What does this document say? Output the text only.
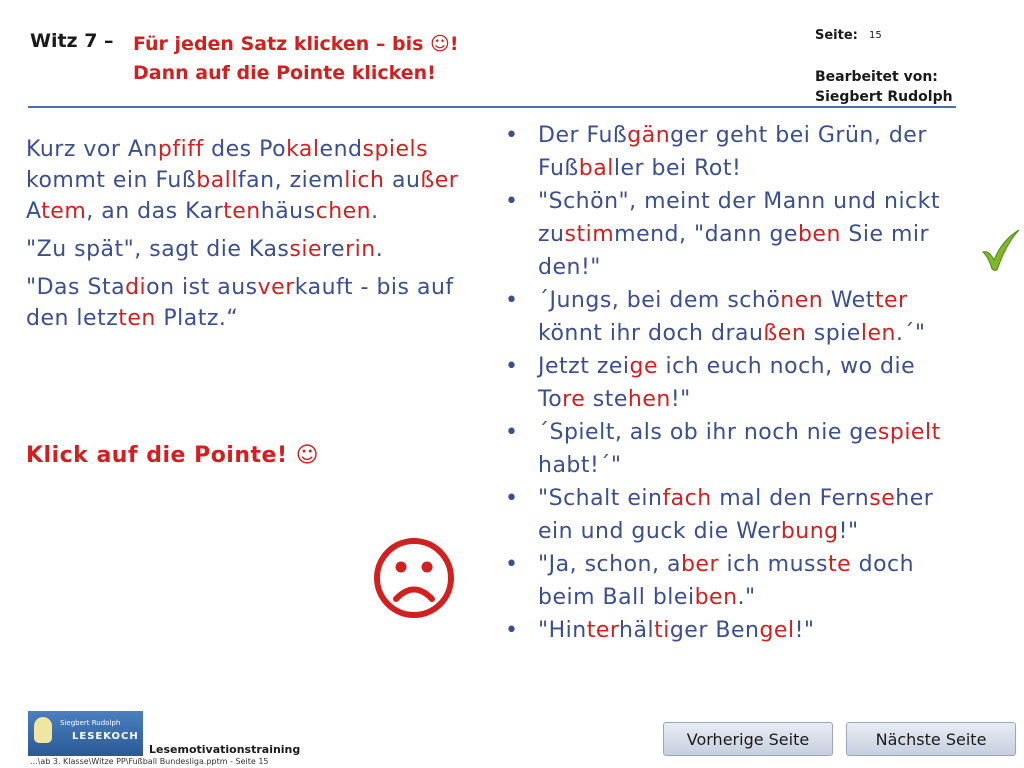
Witz 7 – Für jeden Satz klicken – bis ☺!
Dann auf die Pointe klicken!
Seite: 15
Bearbeitet von:
Siegbert Rudolph

Kurz vor Anpfiff des Pokalendspiels kommt ein Fußballfan, ziemlich außer Atem, an das Kartenhäuschen.

"Zu spät", sagt die Kassiererin.

"Das Stadion ist ausverkauft - bis auf den letzten Platz.“

Klick auf die Pointe! ☺
• Der Fußgänger geht bei Grün, der Fußballer bei Rot!
• "Schön", meint der Mann und nickt zustimmend, "dann geben Sie mir den!"
• ´Jungs, bei dem schönen Wetter könnt ihr doch draußen spielen.´"
• Jetzt zeige ich euch noch, wo die Tore stehen!"
• ´Spielt, als ob ihr noch nie gespielt habt!´"
• "Schalt einfach mal den Fernseher ein und guck die Werbung!"
• "Ja, schon, aber ich musste doch beim Ball bleiben."
• "Hinterhältiger Bengel!"
Siegbert Rudolph
LESEKOCH
Lesemotivationstraining
...\ab 3. Klasse\Witze PP\Fußball Bundesliga.pptm - Seite 15
Vorherige Seite	Nächste Seite
